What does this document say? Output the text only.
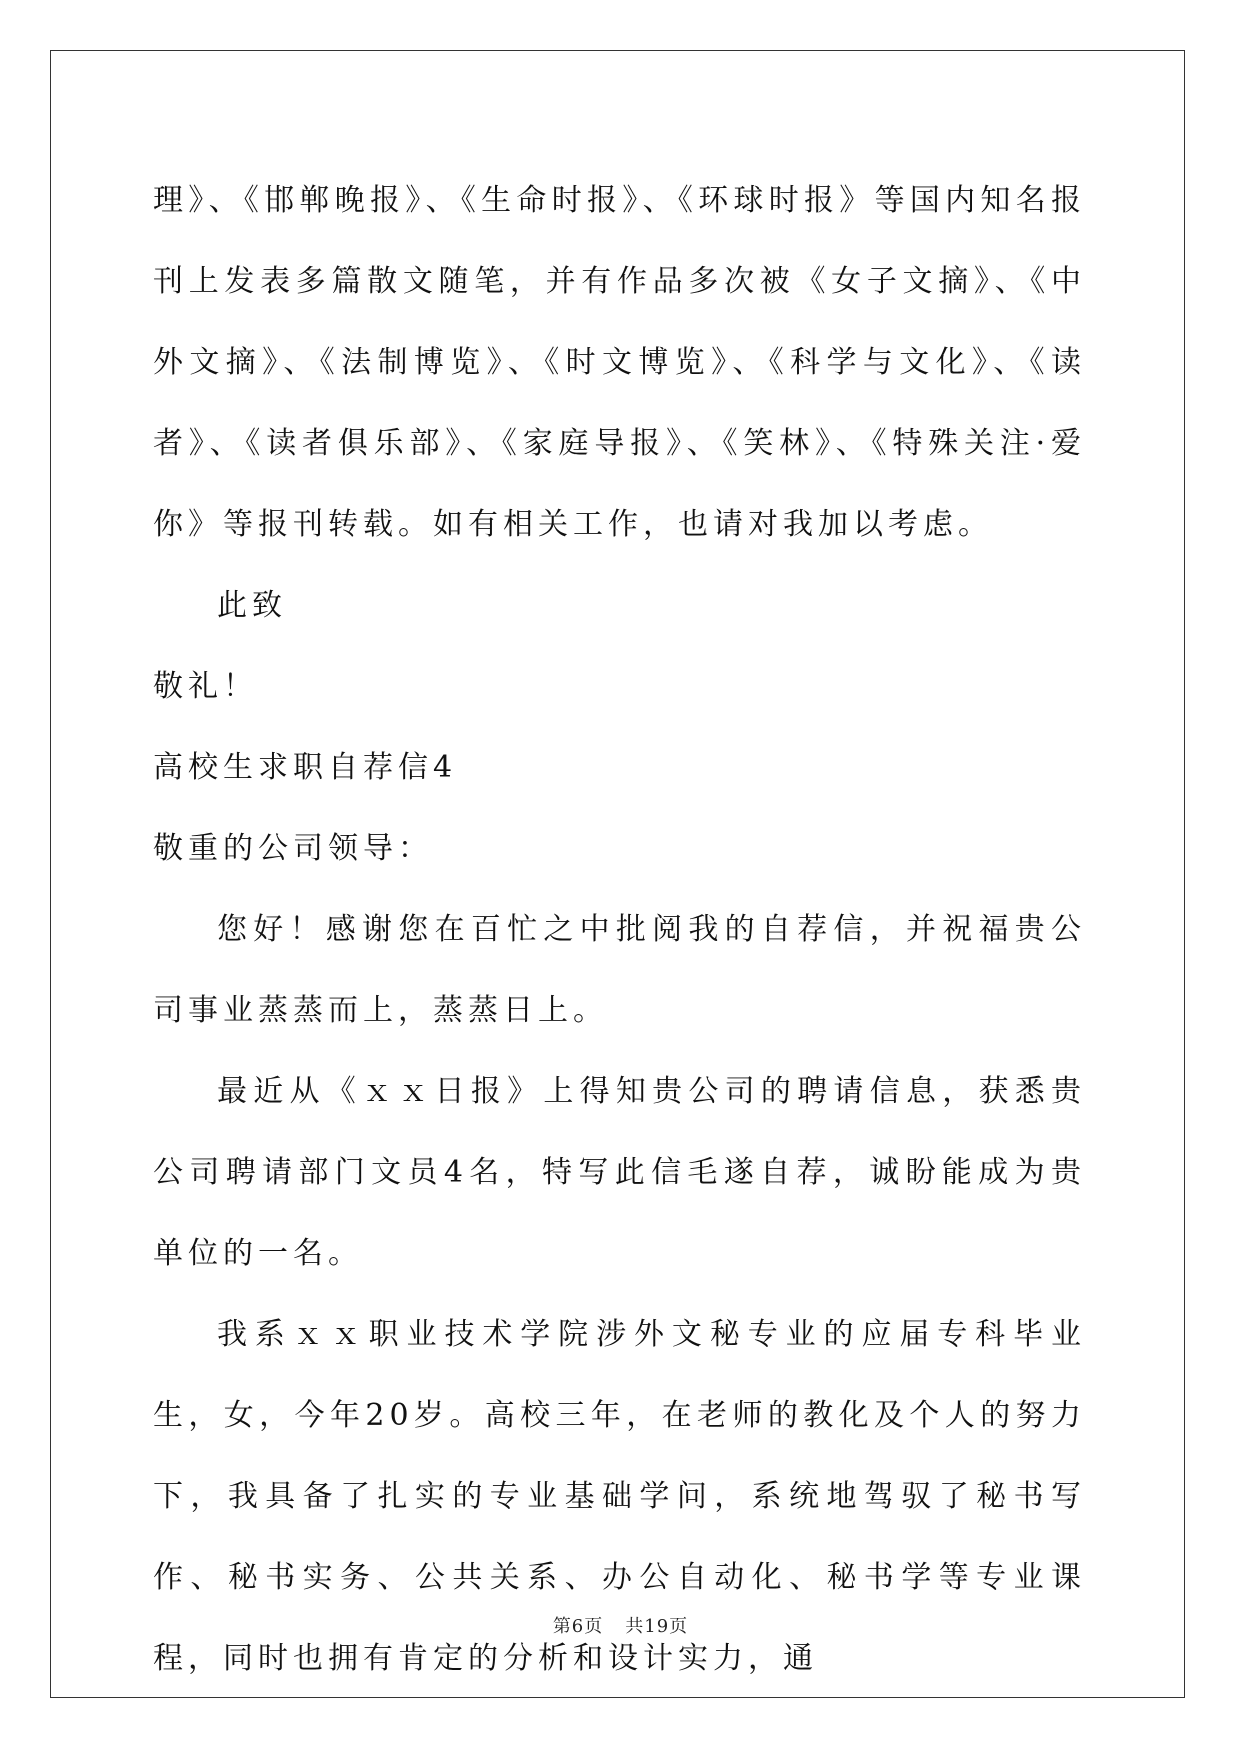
理》、《邯郸晚报》、《生命时报》、《环球时报》等国内知名报刊上发表多篇散文随笔，并有作品多次被《女子文摘》、《中外文摘》、《法制博览》、《时文博览》、《科学与文化》、《读者》、《读者俱乐部》、《家庭导报》、《笑林》、《特殊关注·爱你》等报刊转载。如有相关工作，也请对我加以考虑。

此致

敬礼！

高校生求职自荐信4

敬重的公司领导：

您好！感谢您在百忙之中批阅我的自荐信，并祝福贵公司事业蒸蒸而上，蒸蒸日上。

最近从《ｘｘ日报》上得知贵公司的聘请信息，获悉贵公司聘请部门文员4名，特写此信毛遂自荐，诚盼能成为贵单位的一名。

我系ｘｘ职业技术学院涉外文秘专业的应届专科毕业生，女，今年20岁。高校三年，在老师的教化及个人的努力下，我具备了扎实的专业基础学问，系统地驾驭了秘书写作、秘书实务、公共关系、办公自动化、秘书学等专业课程，同时也拥有肯定的分析和设计实力，通

第6页 共19页
